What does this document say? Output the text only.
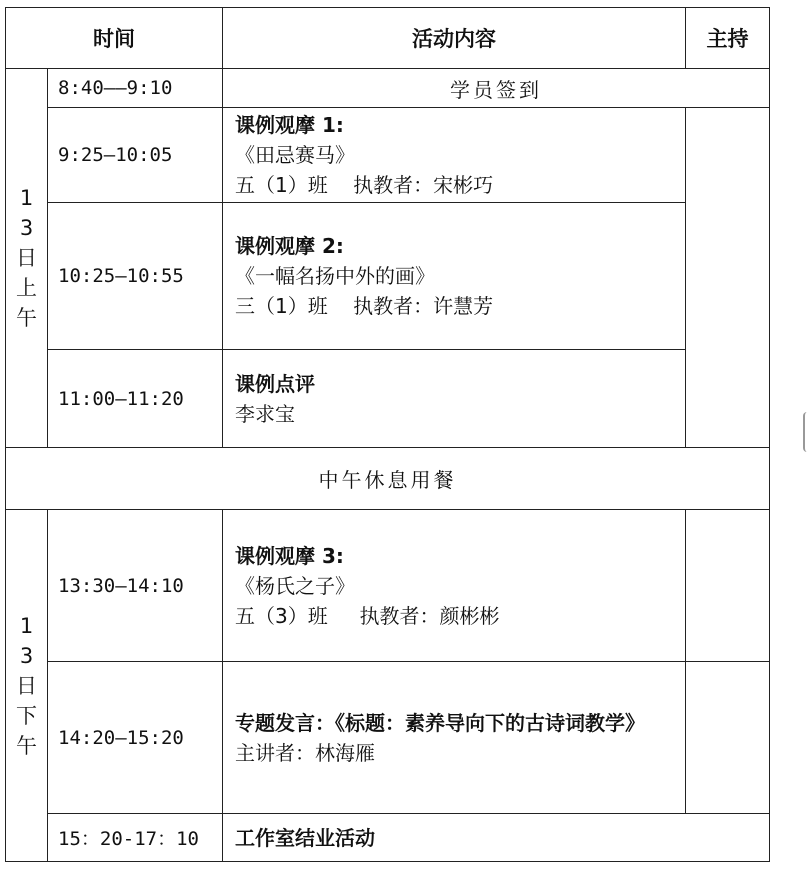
时间		活动内容	主持

1
3
日
上
午	8:40——9:10	学员签到	
	9:25—10:05	课例观摩 1:
《田忌赛马》
五（1）班    执教者：宋彬巧	

	10:25—10:55	课例观摩 2:
《一幅名扬中外的画》
三（1）班    执教者：许慧芳	

	11:00—11:20	课例点评
李求宝	

中午休息用餐			

1
3
日
下
午	13:30—14:10	课例观摩 3:
《杨氏之子》
五（3）班     执教者：颜彬彬	

	14:20—15:20	专题发言：《标题：素养导向下的古诗词教学》
主讲者：林海雁	

	15：20-17：10	工作室结业活动	
